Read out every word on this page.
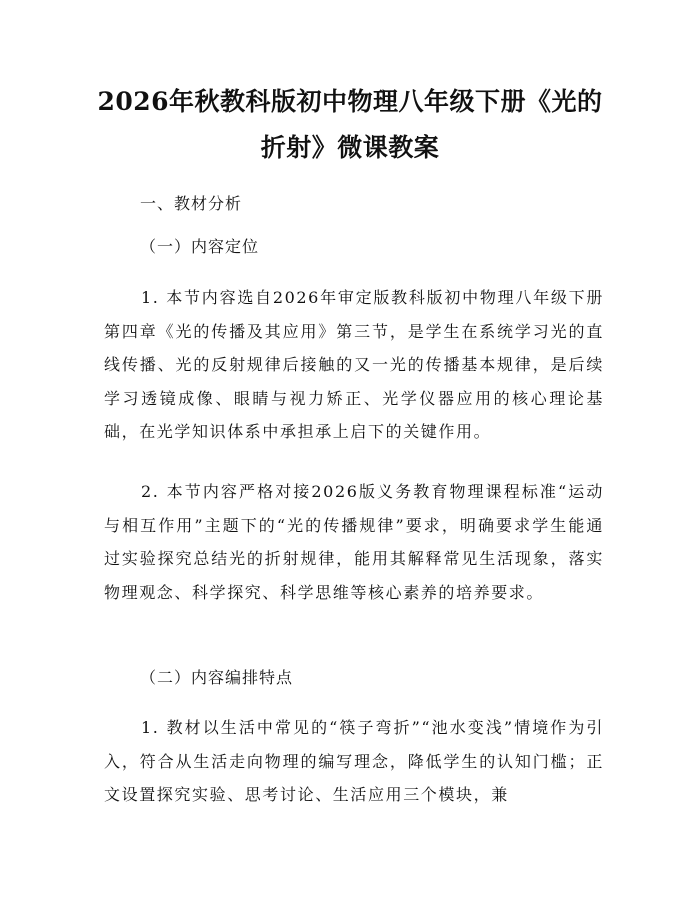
2026年秋教科版初中物理八年级下册《光的
折射》微课教案
一、教材分析
（一）内容定位
1. 本节内容选自2026年审定版教科版初中物理八年级下册第四章《光的传播及其应用》第三节，是学生在系统学习光的直线传播、光的反射规律后接触的又一光的传播基本规律，是后续学习透镜成像、眼睛与视力矫正、光学仪器应用的核心理论基础，在光学知识体系中承担承上启下的关键作用。
2. 本节内容严格对接2026版义务教育物理课程标准“运动与相互作用”主题下的“光的传播规律”要求，明确要求学生能通过实验探究总结光的折射规律，能用其解释常见生活现象，落实物理观念、科学探究、科学思维等核心素养的培养要求。
（二）内容编排特点
1. 教材以生活中常见的“筷子弯折”“池水变浅”情境作为引入，符合从生活走向物理的编写理念，降低学生的认知门槛；正文设置探究实验、思考讨论、生活应用三个模块，兼
